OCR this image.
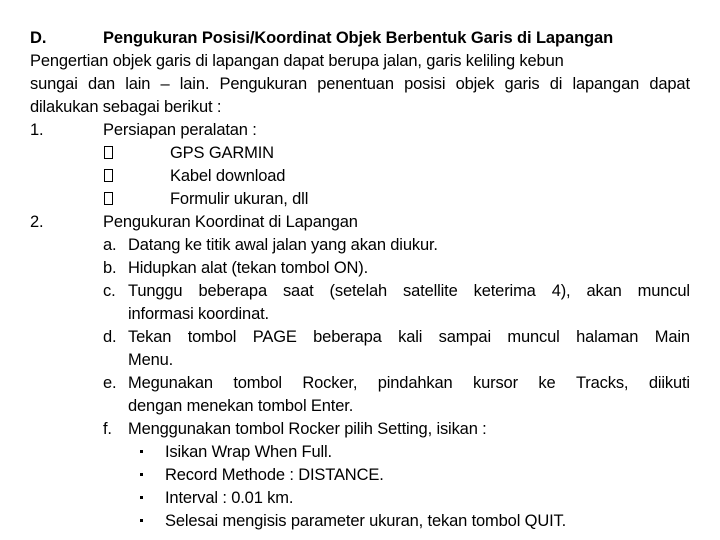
D.	Pengukuran Posisi/Koordinat Objek Berbentuk Garis di Lapangan
Pengertian objek garis di lapangan dapat berupa jalan, garis keliling kebun
sungai dan lain – lain. Pengukuran penentuan posisi objek garis di lapangan dapat
dilakukan sebagai berikut :
1.	Persiapan peralatan :
GPS GARMIN
Kabel download
Formulir ukuran, dll
2.	Pengukuran Koordinat di Lapangan
a. Datang ke titik awal jalan yang akan diukur.
b. Hidupkan alat (tekan tombol ON).
c. Tunggu beberapa saat (setelah satellite keterima 4), akan muncul
informasi koordinat.
d. Tekan tombol PAGE beberapa kali sampai muncul halaman Main
Menu.
e. Megunakan tombol Rocker, pindahkan kursor ke Tracks, diikuti
dengan menekan tombol Enter.
f. Menggunakan tombol Rocker pilih Setting, isikan :
Isikan Wrap When Full.
Record Methode : DISTANCE.
Interval : 0.01 km.
Selesai mengisis parameter ukuran, tekan tombol QUIT.
